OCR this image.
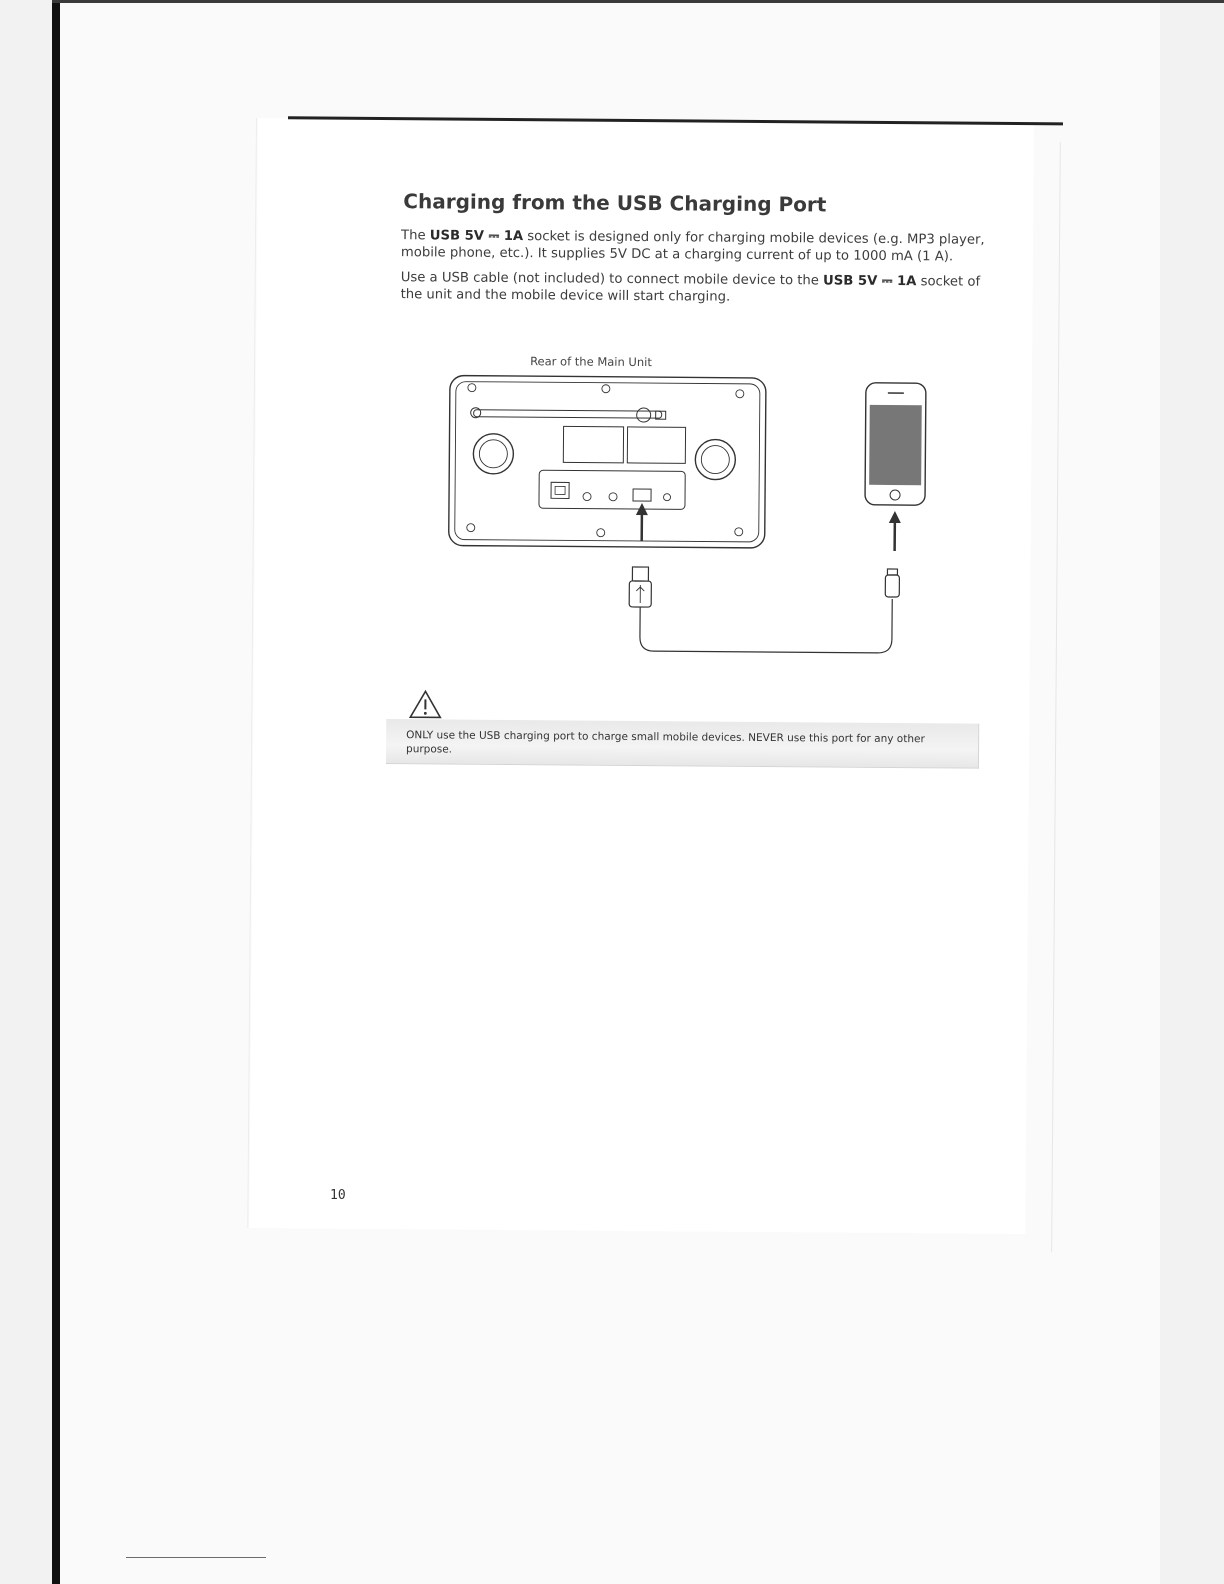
Charging from the USB Charging Port
The USB 5V ⎓ 1A socket is designed only for charging mobile devices (e.g. MP3 player, mobile phone, etc.). It supplies 5V DC at a charging current of up to 1000 mA (1 A).
Use a USB cable (not included) to connect mobile device to the USB 5V ⎓ 1A socket of the unit and the mobile device will start charging.
Rear of the Main Unit
ONLY use the USB charging port to charge small mobile devices. NEVER use this port for any other purpose.
10
